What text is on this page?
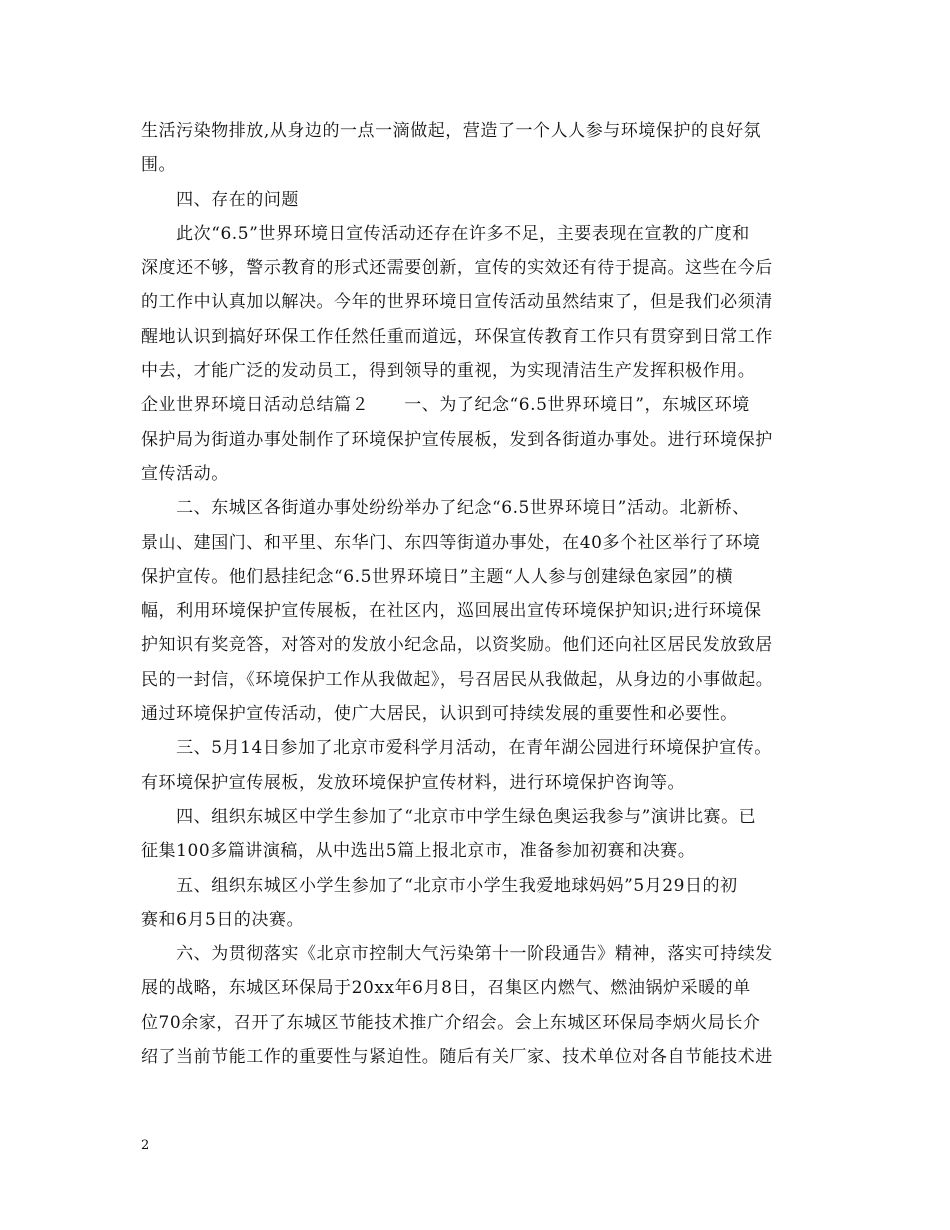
生活污染物排放,从身边的一点一滴做起，营造了一个人人参与环境保护的良好氛
围。
　　四、存在的问题
　　此次“6.5”世界环境日宣传活动还存在许多不足，主要表现在宣教的广度和
深度还不够，警示教育的形式还需要创新，宣传的实效还有待于提高。这些在今后
的工作中认真加以解决。今年的世界环境日宣传活动虽然结束了，但是我们必须清
醒地认识到搞好环保工作任然任重而道远，环保宣传教育工作只有贯穿到日常工作
中去，才能广泛的发动员工，得到领导的重视，为实现清洁生产发挥积极作用。
企业世界环境日活动总结篇２　　一、为了纪念“6.5世界环境日”，东城区环境
保护局为街道办事处制作了环境保护宣传展板，发到各街道办事处。进行环境保护
宣传活动。
　　二、东城区各街道办事处纷纷举办了纪念“6.5世界环境日”活动。北新桥、
景山、建国门、和平里、东华门、东四等街道办事处，在40多个社区举行了环境
保护宣传。他们悬挂纪念“6.5世界环境日”主题“人人参与创建绿色家园”的横
幅，利用环境保护宣传展板，在社区内，巡回展出宣传环境保护知识;进行环境保
护知识有奖竞答，对答对的发放小纪念品，以资奖励。他们还向社区居民发放致居
民的一封信，《环境保护工作从我做起》，号召居民从我做起，从身边的小事做起。
通过环境保护宣传活动，使广大居民，认识到可持续发展的重要性和必要性。
　　三、5月14日参加了北京市爱科学月活动，在青年湖公园进行环境保护宣传。
有环境保护宣传展板，发放环境保护宣传材料，进行环境保护咨询等。
　　四、组织东城区中学生参加了“北京市中学生绿色奥运我参与”演讲比赛。已
征集100多篇讲演稿，从中选出5篇上报北京市，准备参加初赛和决赛。
　　五、组织东城区小学生参加了“北京市小学生我爱地球妈妈”5月29日的初
赛和6月5日的决赛。
　　六、为贯彻落实《北京市控制大气污染第十一阶段通告》精神，落实可持续发
展的战略，东城区环保局于20xx年6月8日，召集区内燃气、燃油锅炉采暖的单
位70余家，召开了东城区节能技术推广介绍会。会上东城区环保局李炳火局长介
绍了当前节能工作的重要性与紧迫性。随后有关厂家、技术单位对各自节能技术进
2
